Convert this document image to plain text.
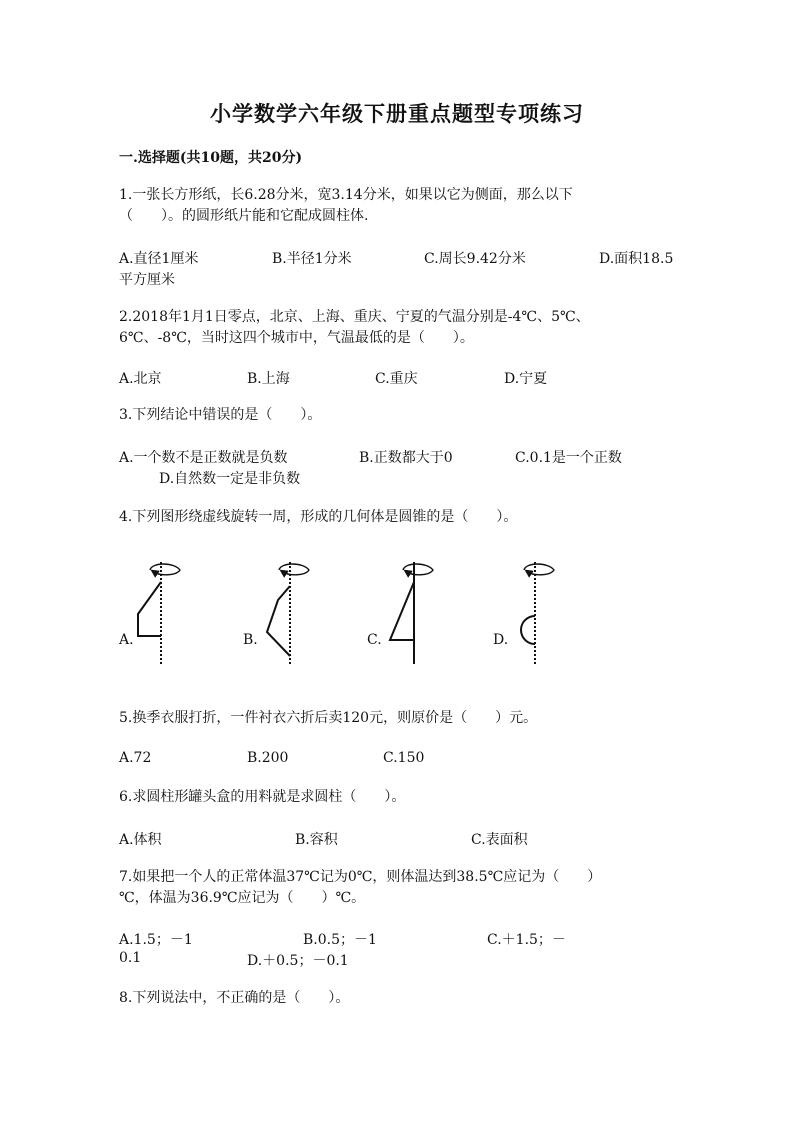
小学数学六年级下册重点题型专项练习
一.选择题(共10题，共20分)
1.一张长方形纸，长6.28分米，宽3.14分米，如果以它为侧面，那么以下
（　　）。的圆形纸片能和它配成圆柱体.
A.直径1厘米	B.半径1分米	C.周长9.42分米	D.面积18.5
平方厘米
2.2018年1月1日零点，北京、上海、重庆、宁夏的气温分别是-4℃、5℃、
6℃、-8℃，当时这四个城市中，气温最低的是（　　）。
A.北京	B.上海	C.重庆	D.宁夏
3.下列结论中错误的是（　　）。
A.一个数不是正数就是负数	B.正数都大于0	C.0.1是一个正数
D.自然数一定是非负数
4.下列图形绕虚线旋转一周，形成的几何体是圆锥的是（　　）。
A.	B.	C.	D.
5.换季衣服打折，一件衬衣六折后卖120元，则原价是（　　）元。
A.72	B.200	C.150
6.求圆柱形罐头盒的用料就是求圆柱（　　）。
A.体积	B.容积	C.表面积
7.如果把一个人的正常体温37℃记为0℃，则体温达到38.5℃应记为（　　）
℃，体温为36.9℃应记为（　　）℃。
A.1.5；－1	B.0.5；－1	C.＋1.5；－
0.1	D.＋0.5；－0.1
8.下列说法中，不正确的是（　　）。
